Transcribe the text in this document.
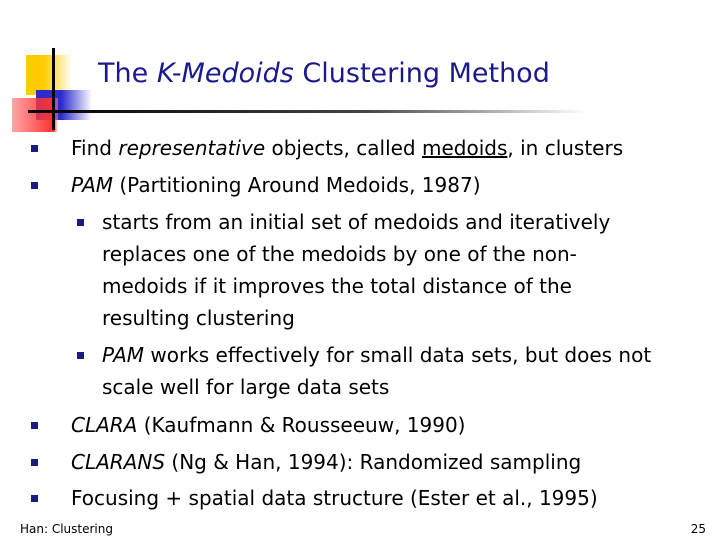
The K-Medoids Clustering Method
Find representative objects, called medoids, in clusters
PAM (Partitioning Around Medoids, 1987)
starts from an initial set of medoids and iteratively
replaces one of the medoids by one of the non-
medoids if it improves the total distance of the
resulting clustering
PAM works effectively for small data sets, but does not
scale well for large data sets
CLARA (Kaufmann & Rousseeuw, 1990)
CLARANS (Ng & Han, 1994): Randomized sampling
Focusing + spatial data structure (Ester et al., 1995)
Han: Clustering	25
